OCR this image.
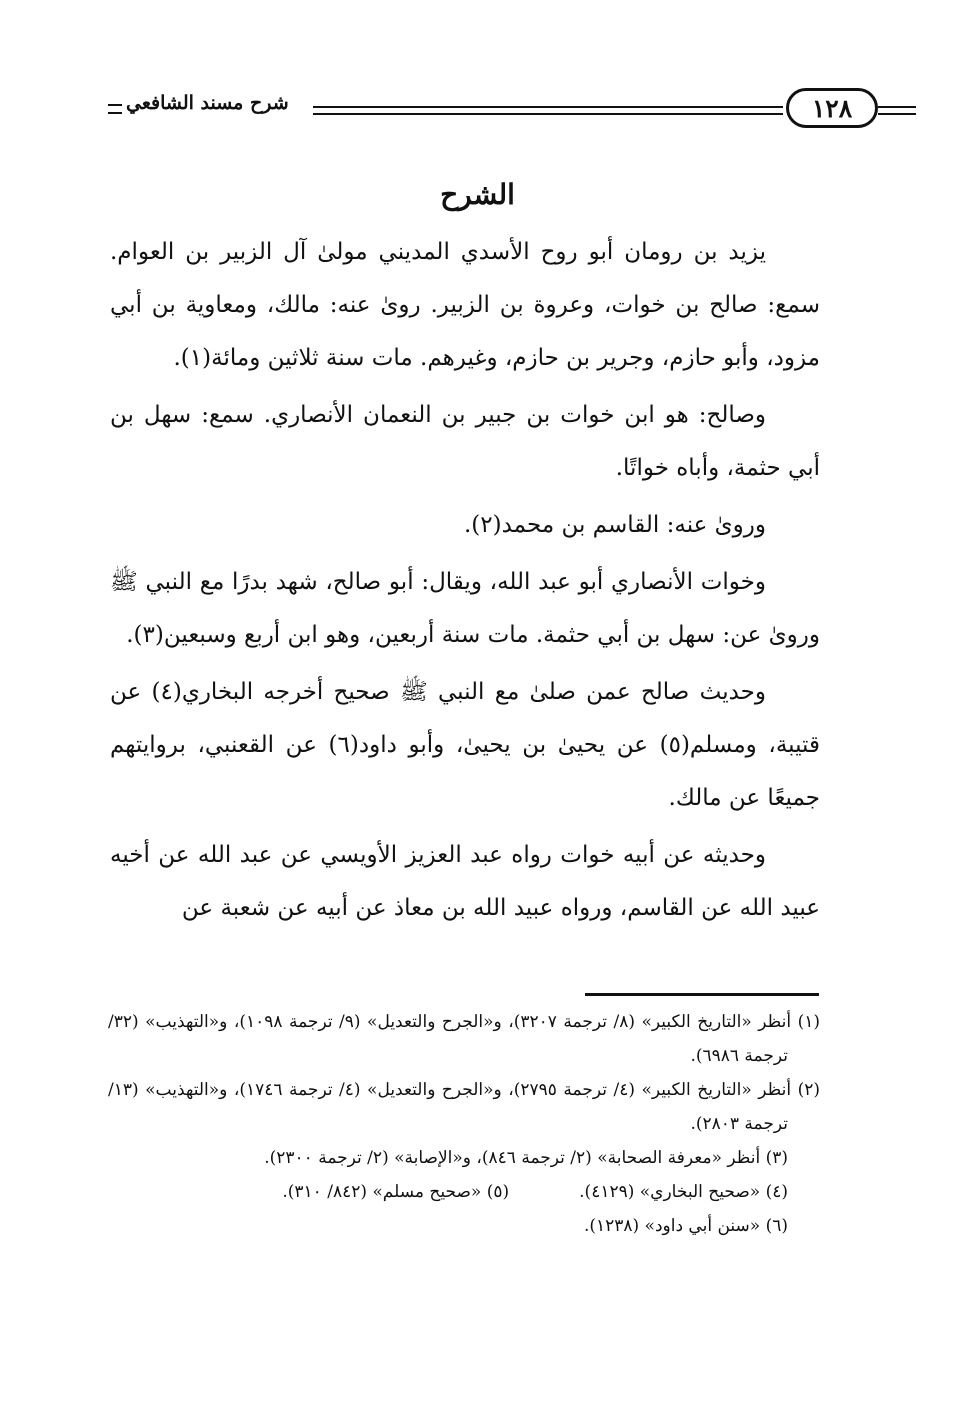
شرح مسند الشافعي	١٢٨
الشرح

يزيد بن رومان أبو روح الأسدي المديني مولىٰ آل الزبير بن العوام. سمع: صالح بن خوات، وعروة بن الزبير. روىٰ عنه: مالك، ومعاوية بن أبي مزود، وأبو حازم، وجرير بن حازم، وغيرهم. مات سنة ثلاثين ومائة(١).

وصالح: هو ابن خوات بن جبير بن النعمان الأنصاري. سمع: سهل بن أبي حثمة، وأباه خواتًا.

وروىٰ عنه: القاسم بن محمد(٢).

وخوات الأنصاري أبو عبد الله، ويقال: أبو صالح، شهد بدرًا مع النبي ﷺ وروىٰ عن: سهل بن أبي حثمة. مات سنة أربعين، وهو ابن أربع وسبعين(٣).

وحديث صالح عمن صلىٰ مع النبي ﷺ صحيح أخرجه البخاري(٤) عن قتيبة، ومسلم(٥) عن يحيىٰ بن يحيىٰ، وأبو داود(٦) عن القعنبي، بروايتهم جميعًا عن مالك.

وحديثه عن أبيه خوات رواه عبد العزيز الأويسي عن عبد الله عن أخيه عبيد الله عن القاسم، ورواه عبيد الله بن معاذ عن أبيه عن شعبة عن

(١) أنظر «التاريخ الكبير» (٨/ ترجمة ٣٢٠٧)، و«الجرح والتعديل» (٩/ ترجمة ١٠٩٨)، و«التهذيب» (٣٢/ ترجمة ٦٩٨٦).

(٢) أنظر «التاريخ الكبير» (٤/ ترجمة ٢٧٩٥)، و«الجرح والتعديل» (٤/ ترجمة ١٧٤٦)، و«التهذيب» (١٣/ ترجمة ٢٨٠٣).

(٣) أنظر «معرفة الصحابة» (٢/ ترجمة ٨٤٦)، و«الإصابة» (٢/ ترجمة ٢٣٠٠).

(٤) «صحيح البخاري» (٤١٢٩).(٥) «صحيح مسلم» (٨٤٢/ ٣١٠).

(٦) «سنن أبي داود» (١٢٣٨).
